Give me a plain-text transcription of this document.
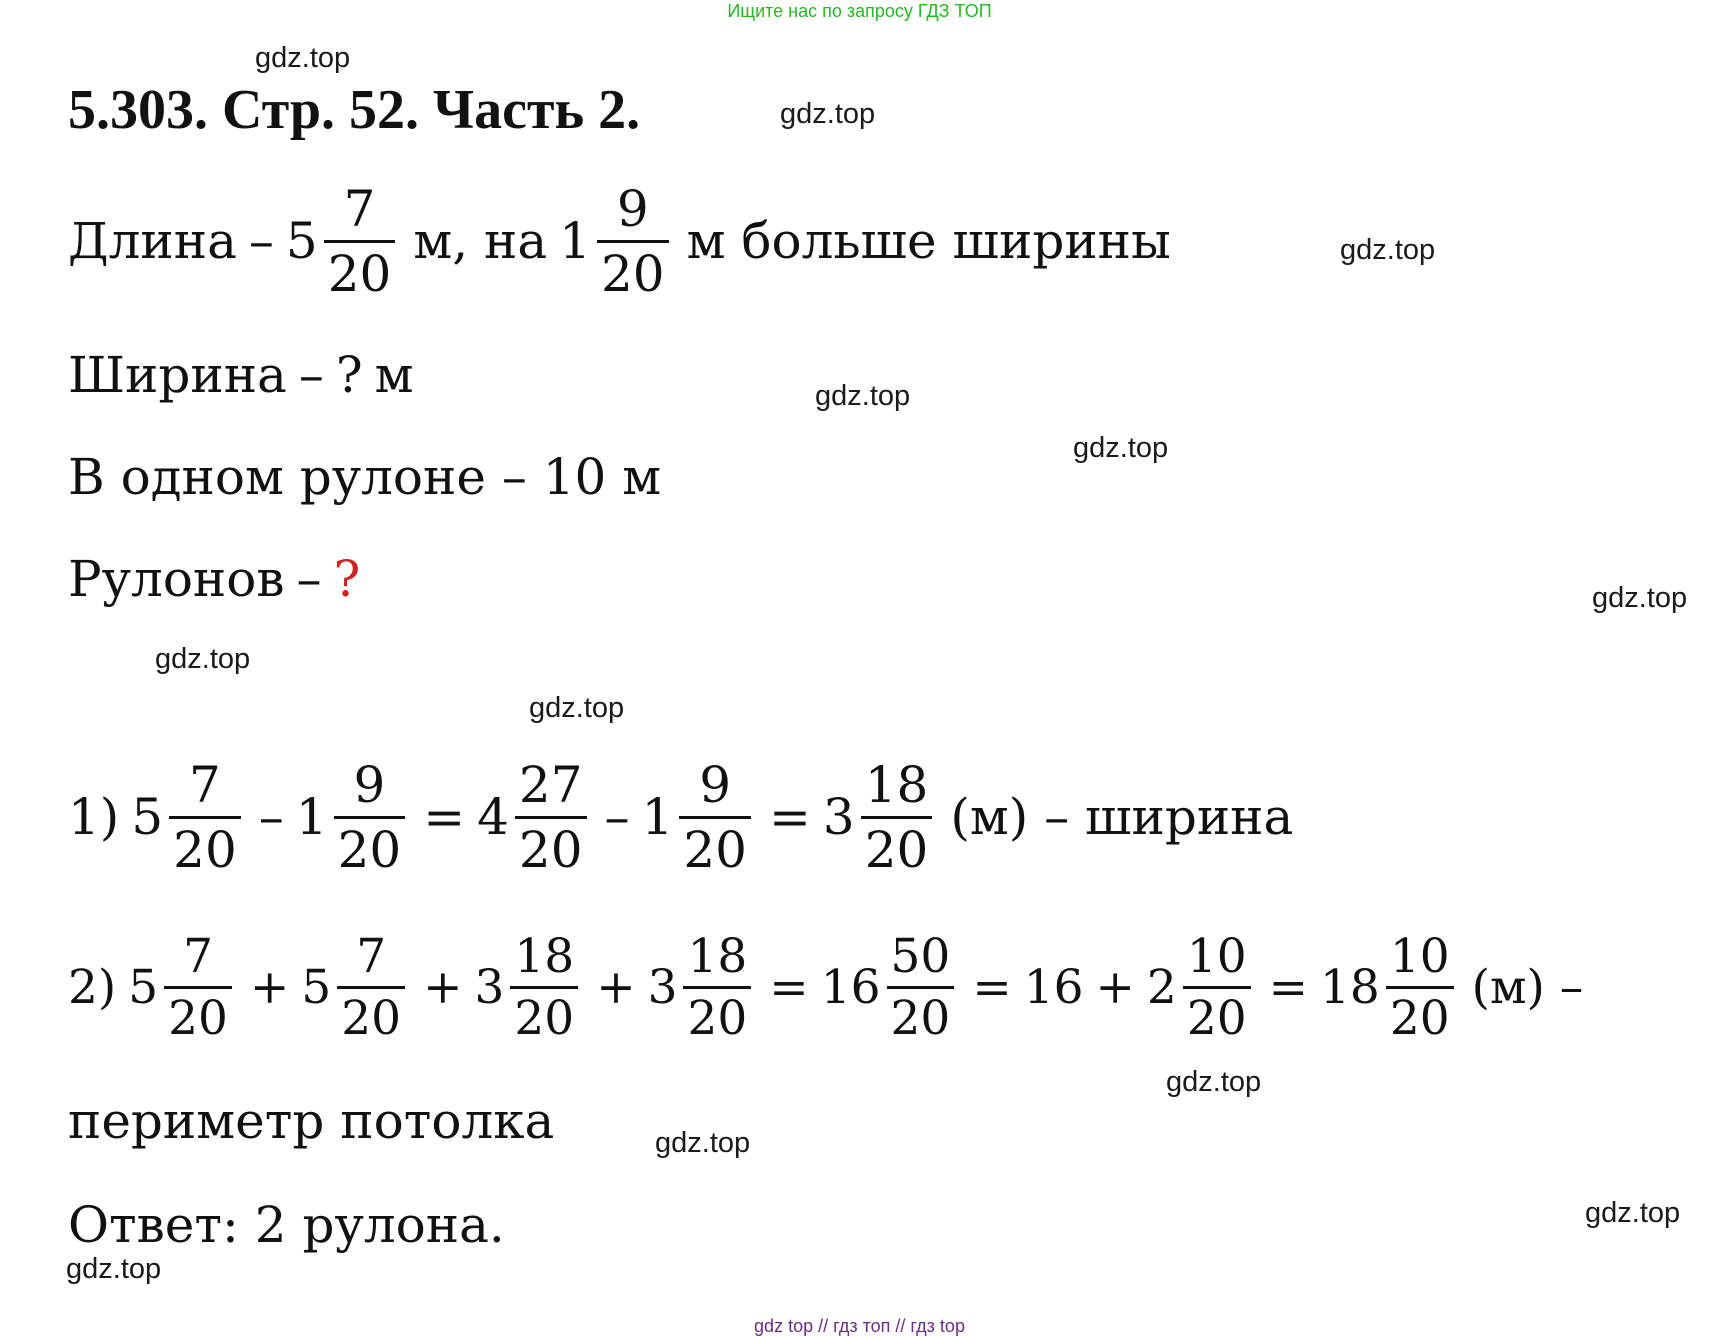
Ищите нас по запросу ГДЗ ТОП
5.303. Стр. 52. Часть 2.
Длина – $5 \frac{7}{20} м$, на $1 \frac{9}{20}$ м больше ширины
Ширина – ? м
В одном рулоне – 10 м
Рулонов – ?
1) $5 \frac{7}{20} - 1 \frac{9}{20} = 4 \frac{27}{20} - 1 \frac{9}{20} = 3 \frac{18}{20} (м)$ – ширина
2) $5 \frac{7}{20} + 5 \frac{7}{20} + 3 \frac{18}{20} + 3 \frac{18}{20} = 16 \frac{50}{20} = 16 + 2 \frac{10}{20} = 18 \frac{10}{20} (м)$ –
периметр потолка
Ответ: 2 рулона.
gdz.top
gdz.top
gdz.top
gdz.top
gdz.top
gdz.top
gdz.top
gdz.top
gdz.top
gdz.top
gdz.top
gdz.top
gdz top // гдз топ // гдз top
